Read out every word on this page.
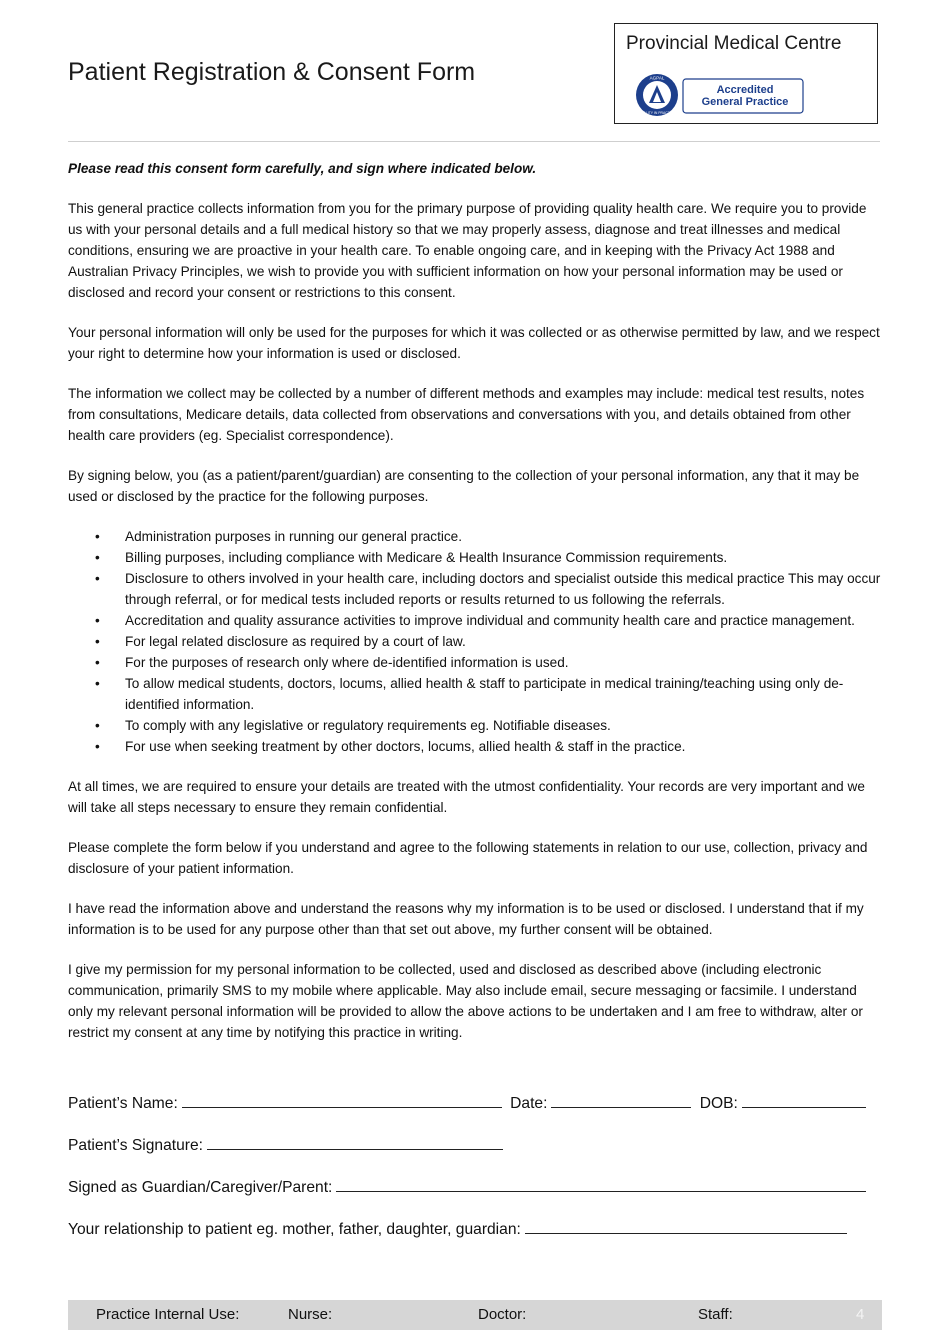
Patient Registration & Consent Form
Provincial Medical Centre
AGPAL
QUALITY IN PRACTICE
Accredited
General Practice

Please read this consent form carefully, and sign where indicated below.

This general practice collects information from you for the primary purpose of providing quality health care. We require you to provide us with your personal details and a full medical history so that we may properly assess, diagnose and treat illnesses and medical conditions, ensuring we are proactive in your health care. To enable ongoing care, and in keeping with the Privacy Act 1988 and Australian Privacy Principles, we wish to provide you with sufficient information on how your personal information may be used or disclosed and record your consent or restrictions to this consent.

Your personal information will only be used for the purposes for which it was collected or as otherwise permitted by law, and we respect your right to determine how your information is used or disclosed.

The information we collect may be collected by a number of different methods and examples may include: medical test results, notes from consultations, Medicare details, data collected from observations and conversations with you, and details obtained from other health care providers (eg. Specialist correspondence).

By signing below, you (as a patient/parent/guardian) are consenting to the collection of your personal information, any that it may be used or disclosed by the practice for the following purposes.

• Administration purposes in running our general practice.
• Billing purposes, including compliance with Medicare & Health Insurance Commission requirements.
• Disclosure to others involved in your health care, including doctors and specialist outside this medical practice This may occur through referral, or for medical tests included reports or results returned to us following the referrals.
• Accreditation and quality assurance activities to improve individual and community health care and practice management.
• For legal related disclosure as required by a court of law.
• For the purposes of research only where de-identified information is used.
• To allow medical students, doctors, locums, allied health & staff to participate in medical training/teaching using only de-identified information.
• To comply with any legislative or regulatory requirements eg. Notifiable diseases.
• For use when seeking treatment by other doctors, locums, allied health & staff in the practice.

At all times, we are required to ensure your details are treated with the utmost confidentiality. Your records are very important and we will take all steps necessary to ensure they remain confidential.

Please complete the form below if you understand and agree to the following statements in relation to our use, collection, privacy and disclosure of your patient information.

I have read the information above and understand the reasons why my information is to be used or disclosed. I understand that if my information is to be used for any purpose other than that set out above, my further consent will be obtained.

I give my permission for my personal information to be collected, used and disclosed as described above (including electronic communication, primarily SMS to my mobile where applicable. May also include email, secure messaging or facsimile. I understand only my relevant personal information will be provided to allow the above actions to be undertaken and I am free to withdraw, alter or restrict my consent at any time by notifying this practice in writing.

Patient’s Name:	Date:	DOB:
Patient’s Signature:
Signed as Guardian/Caregiver/Parent:
Your relationship to patient eg. mother, father, daughter, guardian:
Practice Internal Use:	Nurse:	Doctor:	Staff:	4
